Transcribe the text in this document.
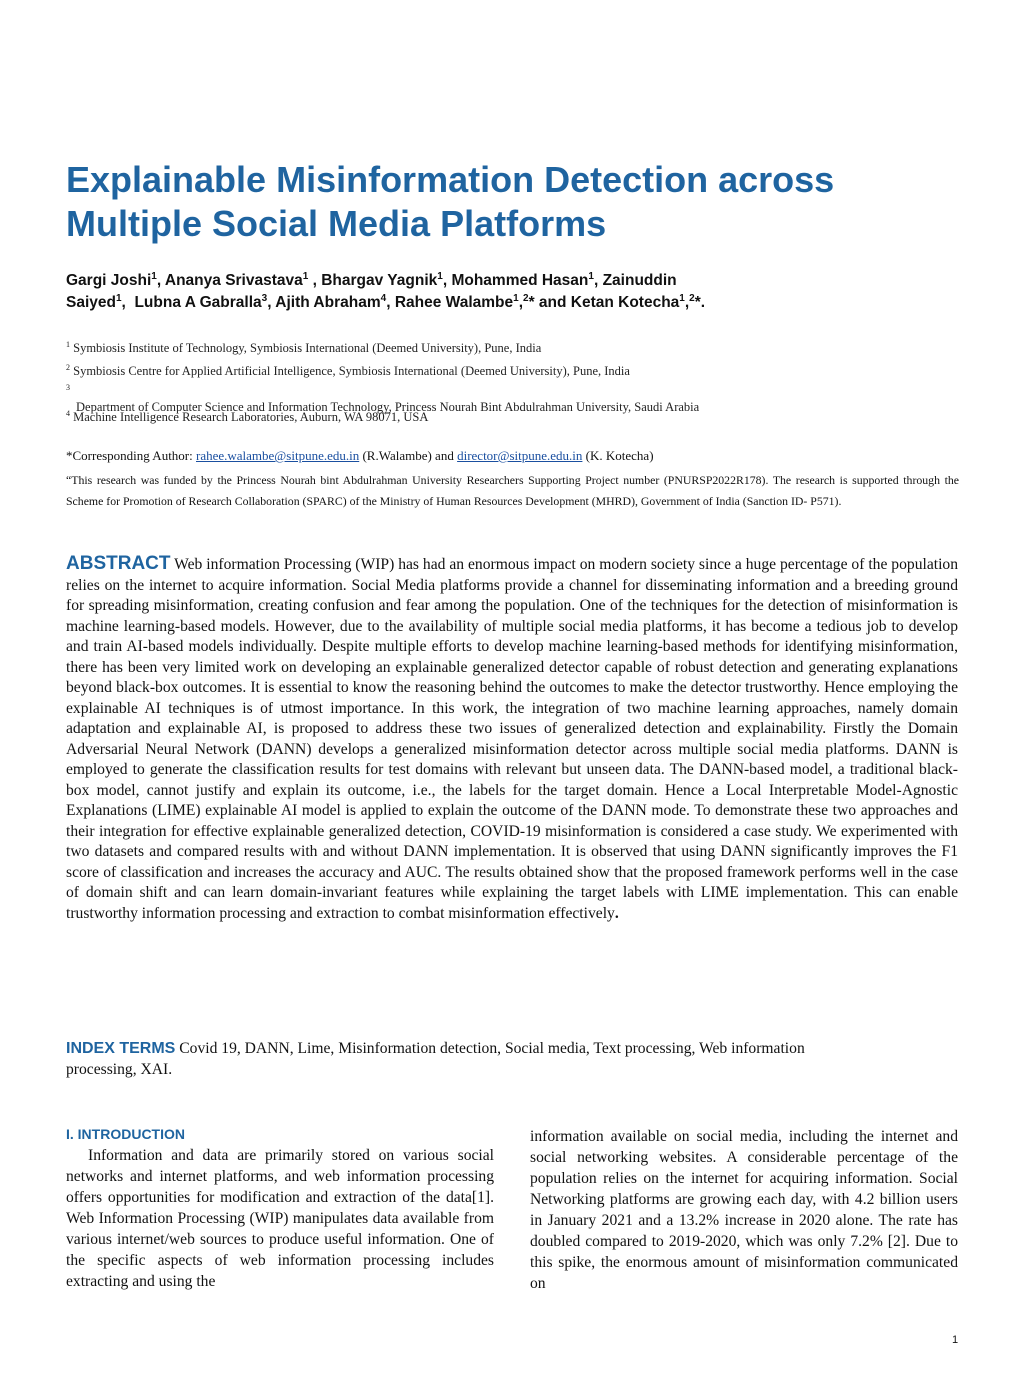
Explainable Misinformation Detection across Multiple Social Media Platforms
Gargi Joshi$^1$, Ananya Srivastava$^1$ , Bhargav Yagnik$^1$, Mohammed Hasan$^1$, Zainuddin
Saiyed$^1$,  Lubna A Gabralla$^3$, Ajith Abraham$^4$, Rahee Walambe$^1$,$^2$* and Ketan Kotecha$^1$,$^2$*.
$^1$ Symbiosis Institute of Technology, Symbiosis International (Deemed University), Pune, India
$^2$ Symbiosis Centre for Applied Artificial Intelligence, Symbiosis International (Deemed University), Pune, India
$^3$
Department of Computer Science and Information Technology, Princess Nourah Bint Abdulrahman University, Saudi Arabia
$^4$ Machine Intelligence Research Laboratories, Auburn, WA 98071, USA
*Corresponding Author: rahee.walambe@sitpune.edu.in (R.Walambe) and director@sitpune.edu.in (K. Kotecha)
“This research was funded by the Princess Nourah bint Abdulrahman University Researchers Supporting Project number (PNURSP2022R178). The research is supported through the Scheme for Promotion of Research Collaboration (SPARC) of the Ministry of Human Resources Development (MHRD), Government of India (Sanction ID- P571).

ABSTRACT Web information Processing (WIP) has had an enormous impact on modern society since a huge percentage of the population relies on the internet to acquire information. Social Media platforms provide a channel for disseminating information and a breeding ground for spreading misinformation, creating confusion and fear among the population. One of the techniques for the detection of misinformation is machine learning-based models. However, due to the availability of multiple social media platforms, it has become a tedious job to develop and train AI-based models individually. Despite multiple efforts to develop machine learning-based methods for identifying misinformation, there has been very limited work on developing an explainable generalized detector capable of robust detection and generating explanations beyond black-box outcomes. It is essential to know the reasoning behind the outcomes to make the detector trustworthy. Hence employing the explainable AI techniques is of utmost importance. In this work, the integration of two machine learning approaches, namely domain adaptation and explainable AI, is proposed to address these two issues of generalized detection and explainability. Firstly the Domain Adversarial Neural Network (DANN) develops a generalized misinformation detector across multiple social media platforms. DANN is employed to generate the classification results for test domains with relevant but unseen data. The DANN-based model, a traditional black-box model, cannot justify and explain its outcome, i.e., the labels for the target domain. Hence a Local Interpretable Model-Agnostic Explanations (LIME) explainable AI model is applied to explain the outcome of the DANN mode. To demonstrate these two approaches and their integration for effective explainable generalized detection, COVID-19 misinformation is considered a case study. We experimented with two datasets and compared results with and without DANN implementation. It is observed that using DANN significantly improves the F1 score of classification and increases the accuracy and AUC. The results obtained show that the proposed framework performs well in the case of domain shift and can learn domain-invariant features while explaining the target labels with LIME implementation. This can enable trustworthy information processing and extraction to combat misinformation effectively.

INDEX TERMS Covid 19, DANN, Lime, Misinformation detection, Social media, Text processing, Web information processing, XAI.

I. INTRODUCTION

Information and data are primarily stored on various social networks and internet platforms, and web information processing offers opportunities for modification and extraction of the data[1]. Web Information Processing (WIP) manipulates data available from various internet/web sources to produce useful information. One of the specific aspects of web information processing includes extracting and using the

information available on social media, including the internet and social networking websites. A considerable percentage of the population relies on the internet for acquiring information. Social Networking platforms are growing each day, with 4.2 billion users in January 2021 and a 13.2% increase in 2020 alone. The rate has doubled compared to 2019-2020, which was only 7.2% [2]. Due to this spike, the enormous amount of misinformation communicated on

1
